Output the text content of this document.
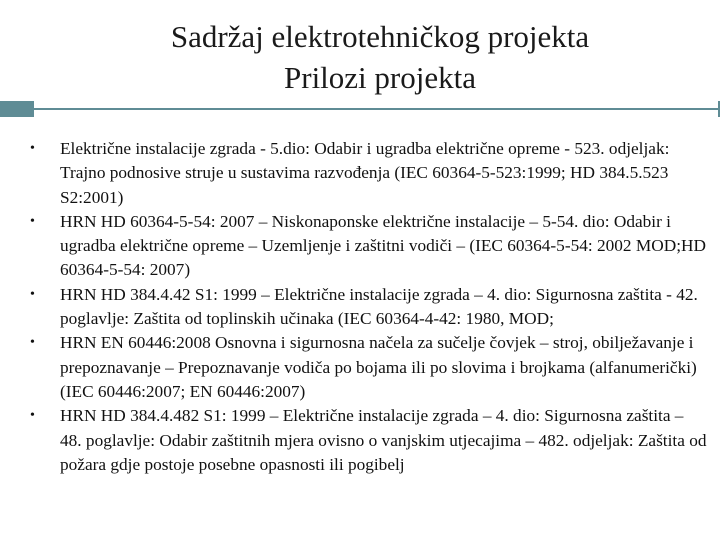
Sadržaj elektrotehničkog projekta
Prilozi projekta
• Električne instalacije zgrada - 5.dio: Odabir i ugradba električne opreme - 523. odjeljak: Trajno podnosive struje u sustavima razvođenja (IEC 60364-5-523:1999; HD 384.5.523 S2:2001)
• HRN HD 60364-5-54: 2007 – Niskonaponske električne instalacije – 5-54. dio: Odabir i ugradba električne opreme – Uzemljenje i zaštitni vodiči – (IEC 60364-5-54: 2002 MOD;HD 60364-5-54: 2007)
• HRN HD 384.4.42 S1: 1999 – Električne instalacije zgrada – 4. dio: Sigurnosna zaštita - 42. poglavlje: Zaštita od toplinskih učinaka (IEC 60364-4-42: 1980, MOD;
• HRN EN 60446:2008 Osnovna i sigurnosna načela za sučelje čovjek – stroj, obilježavanje i prepoznavanje – Prepoznavanje vodiča po bojama ili po slovima i brojkama (alfanumerički) (IEC 60446:2007; EN 60446:2007)
• HRN HD 384.4.482 S1: 1999 – Električne instalacije zgrada – 4. dio: Sigurnosna zaštita – 48. poglavlje: Odabir zaštitnih mjera ovisno o vanjskim utjecajima – 482. odjeljak: Zaštita od požara gdje postoje posebne opasnosti ili pogibelj
